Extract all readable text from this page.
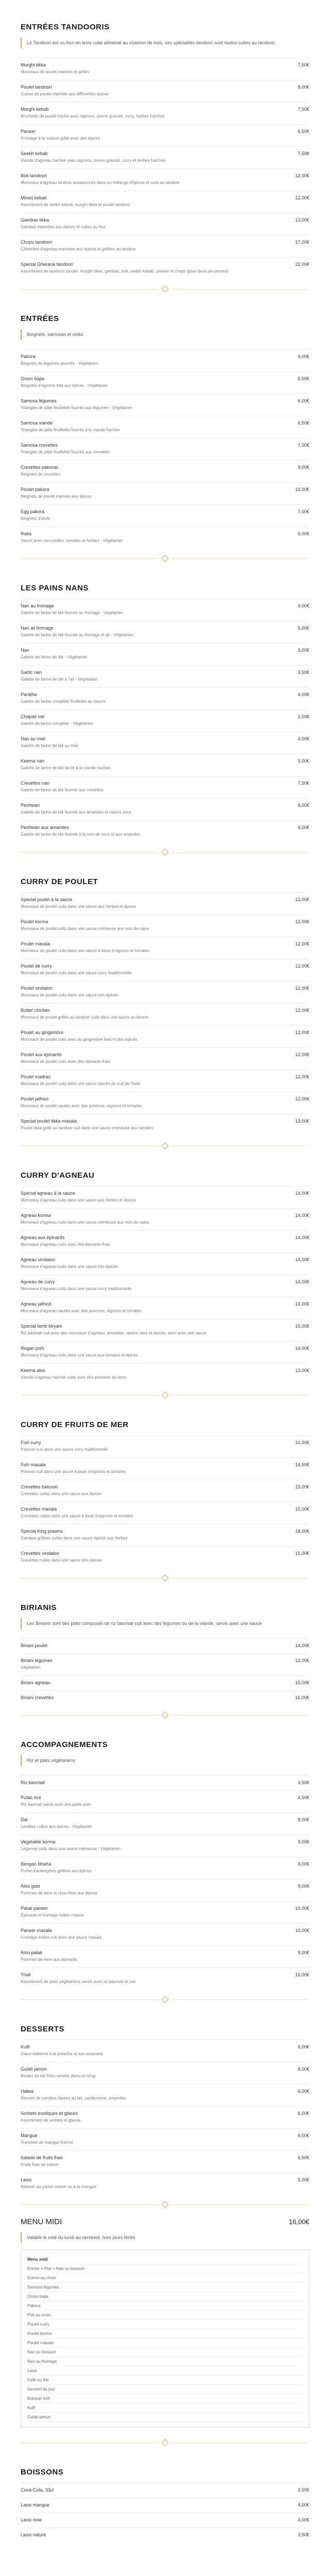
ENTRÉES TANDOORIS
Le Tandoori est un four en terre cuite alimenté au charbon de bois, ces spécialités tandoori sont toutes cuites au tandoori.
Murghi tikka	7,50€
Morceaux de poulet marinés et grillés
Poulet tandoori	8,00€
Cuisse de poulet marinée aux différentes épices
Murghi kebab	7,50€
Brochette de poulet haché avec oignons, poivre granulé, curry, herbes fraîches
Paneer	6,50€
Fromage à la maison grillé avec des épices
Seekh kebab	7,50€
Viande d'agneau hachée avec oignons, poivre granulé, curry et herbes fraîches
Boti tandoori	12,00€
Morceaux d'agneau tendres assaisonnés dans un mélange d'épices et cuits au tandoor
Mixed kebab	12,00€
Assortiment de seekh kebab, murghi tikka et poulet tandoori
Gambas tikka	13,00€
Gambas marinées aux épices et cuites au four
Chops tandoori	17,00€
Côtelettes d'agneau marinées aux épices et grillées au tandoor
Special Gharana tandoori	22,00€
Assortiment de tandoori: poulet, murghi tikka, gambas, boti, seekh kebab, paneer et chops (pour deux personnes)
ENTRÉES
Beignets, samosas et riziko
Pakora	6,00€
Beignets de légumes assortis - Végétarien
Onion bajia	6,00€
Beignets d'oignons frits aux épices - Végétarien
Samosa légumes	6,00€
Triangles de pâte feuilletée fourrés aux légumes - Végétarien
Samosa viande	6,50€
Triangles de pâte feuilletée fourrés à la viande hachée
Samosa crevettes	7,00€
Triangles de pâte feuilletée fourrés aux crevettes
Crevettes pakoras	9,00€
Beignets de crevettes
Poulet pakora	10,00€
Beignets de poulet marinés aux épices
Egg pakora	7,00€
Beignets d'œufs
Raita	5,00€
Yaourt avec concombre, tomates et herbes - Végétarien
LES PAINS NANS
Nan au fromage	4,00€
Galette de farine de blé fourrée au fromage - Végétarien
Nan ail fromage	5,00€
Galette de farine de blé fourrée au fromage et ail - Végétarien
Nan	3,00€
Galette de farine de blé - Végétarien
Garlic nan	3,50€
Galette de farine de blé à l'ail - Végétarien
Paratha	4,00€
Galette de farine complète feuilletée au beurre
Chapati roti	2,50€
Galette de farine complète - Végétarien
Nan au miel	4,00€
Galette de farine de blé au miel
Keema nan	5,00€
Galette de farine de blé farcie à la viande hachée
Crevettes nan	7,50€
Galette de farine de blé fourrée aux crevettes
Peshwari	6,00€
Galette de farine de blé fourrée aux amandes et raisins secs
Peshwari aux amandes	6,00€
Galette de farine de blé fourrée à la noix de coco et aux amandes
CURRY DE POULET
Special poulet à la sauce	12,00€
Morceaux de poulet cuits dans une sauce aux herbes et épices
Poulet korma	12,00€
Morceaux de poulet cuits dans une sauce crémeuse aux noix de cajou
Poulet masala	12,00€
Morceaux de poulet cuits dans une sauce à base d'oignons et tomates
Poulet de curry	12,00€
Morceaux de poulet cuits dans une sauce curry traditionnelle
Poulet vindaloo	12,00€
Morceaux de poulet cuits dans une sauce très épicée
Butter chicken	12,00€
Morceaux de poulet grillés au tandoor cuits dans une sauce au beurre
Poulet au gingembre	12,00€
Morceaux de poulet cuits avec du gingembre frais et des épices
Poulet aux épinards	12,00€
Morceaux de poulet cuits avec des épinards frais
Poulet madras	12,00€
Morceaux de poulet cuits dans une sauce épicée du sud de l'Inde
Poulet jalfrezi	12,00€
Morceaux de poulet sautés avec des poivrons, oignons et tomates
Special poulet tikka masala	13,00€
Poulet tikka grillé au tandoor cuit dans une sauce crémeuse aux tomates
CURRY D'AGNEAU
Special agneau à la sauce	14,00€
Morceaux d'agneau cuits dans une sauce aux herbes et épices
Agneau korma	14,00€
Morceaux d'agneau cuits dans une sauce crémeuse aux noix de cajou
Agneau aux épinards	14,00€
Morceaux d'agneau cuits avec des épinards frais
Agneau vindaloo	14,00€
Morceaux d'agneau cuits dans une sauce très épicée
Agneau de curry	14,00€
Morceaux d'agneau cuits dans une sauce curry traditionnelle
Agneau jalfrezi	14,00€
Morceaux d'agneau sautés avec des poivrons, oignons et tomates
Special lamb biryani	15,00€
Riz basmati cuit avec des morceaux d'agneau, amandes, raisins secs et épices, servi avec une sauce
Rogan josh	14,00€
Morceaux d'agneau cuits dans une sauce aux tomates et épices
Keema aloo	13,00€
Viande d'agneau hachée cuite avec des pommes de terre
CURRY DE FRUITS DE MER
Fish curry	14,50€
Poisson cuit dans une sauce curry traditionnelle
Fish masala	14,50€
Poisson cuit dans une sauce à base d'oignons et tomates
Crevettes balcoon	15,00€
Crevettes cuites dans une sauce aux épices
Crevettes masala	15,00€
Crevettes cuites dans une sauce à base d'oignons et tomates
Special King prawns	18,00€
Gambas grillées cuites dans une sauce épicée aux herbes
Crevettes vindaloo	15,00€
Crevettes cuites dans une sauce très épicée
BIRIANIS
Les Birianis sont des plats composés de riz basmati cuit avec des légumes ou de la viande, servis avec une sauce
Biriani poulet	14,00€
Biriani légumes	12,00€
Végétarien
Biriani agneau	15,00€
Biriani crevettes	16,00€
ACCOMPAGNEMENTS
Riz et plats végétariens
Riz basmati	3,50€
Pulao rice	4,50€
Riz basmati sauté avec des petits pois
Dal	8,00€
Lentilles cuites aux épices - Végétarien
Vegetable korma	9,00€
Légumes cuits dans une sauce crémeuse - Végétarien
Bengan bharta	9,00€
Purée d'aubergines grillées aux épices
Aloo gobi	9,00€
Pommes de terre et chou-fleur aux épices
Palak paneer	10,00€
Épinards et fromage indien maison
Paneer masala	10,00€
Fromage indien cuit dans une sauce masala
Aloo palak	9,00€
Pommes de terre aux épinards
Thali	16,00€
Assortiment de plats végétariens servis avec riz basmati et nan
DESSERTS
Kulfi	6,00€
Glace indienne à la pistache et aux amandes
Gulab jamun	6,00€
Boules de lait frites servies dans un sirop
Halwa	6,00€
Dessert de carottes râpées au lait, cardamome, amandes
Sorbets exotiques et glaces	6,00€
Assortiment de sorbets et glaces
Mangue	6,00€
Tranches de mangue fraîche
Salade de fruits frais	6,50€
Fruits frais de saison
Lassi	5,00€
Boisson au yaourt nature ou à la mangue
MENU MIDI	16,00€
Valable le midi du lundi au vendredi, hors jours fériés
Menu midi
Entrée + Plat + Nan ou boisson
Entrée au choix
Samosa légumes
Onion bajia
Pakora
Plat au choix
Poulet curry
Poulet korma
Poulet masala
Nan ou boisson
Nan au fromage
Lassi
Café ou thé
Dessert du jour
Boisson soft
Kulfi
Gulab jamun
BOISSONS
Coca-Cola, 33cl	3,50€
Lassi mangue	4,00€
Lassi rose	4,00€
Lassi nature	3,50€
